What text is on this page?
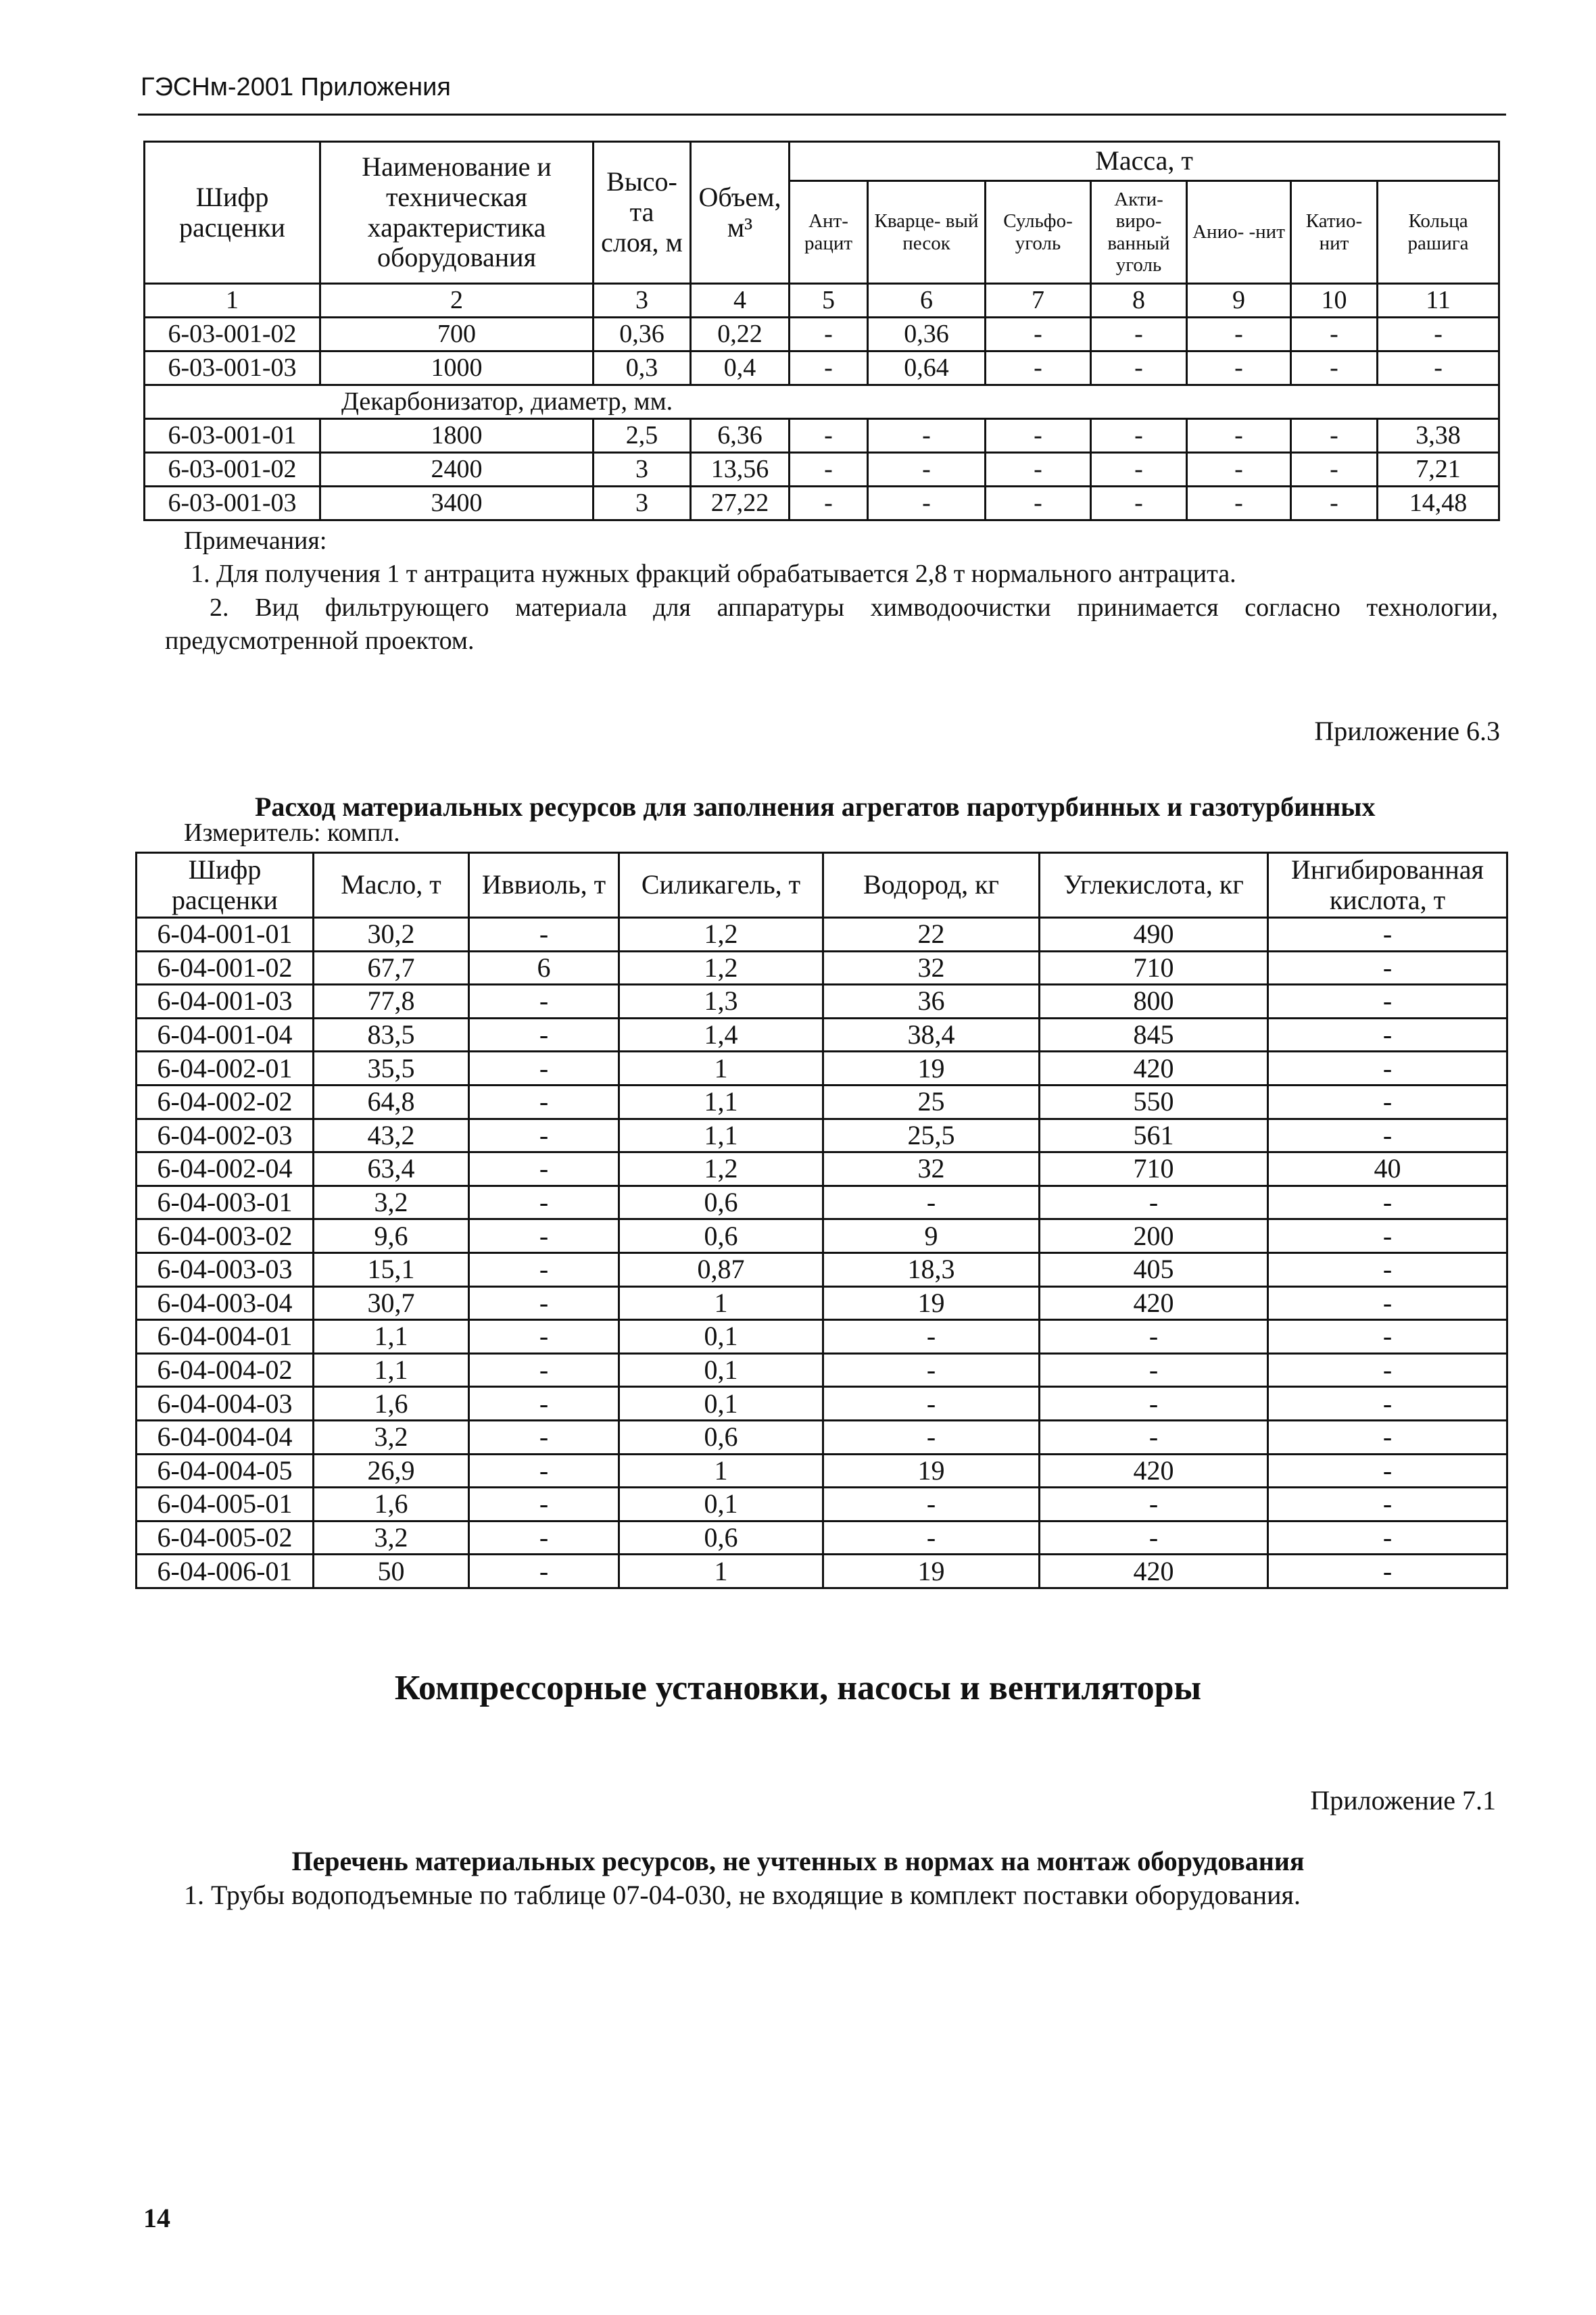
ГЭСНм-2001 Приложения
Шифр расценки	Наименование и техническая характеристика оборудования	Высо- та слоя, м	Объем, м³	Масса, т						
				Ант- рацит	Кварце- вый песок	Сульфо- уголь	Акти- виро- ванный уголь	Анио- -нит	Катио- нит	Кольца рашига
1	2	3	4	5	6	7	8	9	10	11
6-03-001-02	700	0,36	0,22	-	0,36	-	-	-	-	-
6-03-001-03	1000	0,3	0,4	-	0,64	-	-	-	-	-
Декарбонизатор, диаметр, мм.										
6-03-001-01	1800	2,5	6,36	-	-	-	-	-	-	3,38
6-03-001-02	2400	3	13,56	-	-	-	-	-	-	7,21
6-03-001-03	3400	3	27,22	-	-	-	-	-	-	14,48

Примечания:

1. Для получения 1 т антрацита нужных фракций обрабатывается 2,8 т нормального антрацита.

2. Вид фильтрующего материала для аппаратуры химводоочистки принимается согласно технологии, предусмотренной проектом.

Приложение 6.3
Расход материальных ресурсов для заполнения агрегатов паротурбинных и газотурбинных
Измеритель: компл.
Шифр расценки	Масло, т	Иввиоль, т	Силикагель, т	Водород, кг	Углекислота, кг	Ингибированная кислота, т
6-04-001-01	30,2	-	1,2	22	490	-
6-04-001-02	67,7	6	1,2	32	710	-
6-04-001-03	77,8	-	1,3	36	800	-
6-04-001-04	83,5	-	1,4	38,4	845	-
6-04-002-01	35,5	-	1	19	420	-
6-04-002-02	64,8	-	1,1	25	550	-
6-04-002-03	43,2	-	1,1	25,5	561	-
6-04-002-04	63,4	-	1,2	32	710	40
6-04-003-01	3,2	-	0,6	-	-	-
6-04-003-02	9,6	-	0,6	9	200	-
6-04-003-03	15,1	-	0,87	18,3	405	-
6-04-003-04	30,7	-	1	19	420	-
6-04-004-01	1,1	-	0,1	-	-	-
6-04-004-02	1,1	-	0,1	-	-	-
6-04-004-03	1,6	-	0,1	-	-	-
6-04-004-04	3,2	-	0,6	-	-	-
6-04-004-05	26,9	-	1	19	420	-
6-04-005-01	1,6	-	0,1	-	-	-
6-04-005-02	3,2	-	0,6	-	-	-
6-04-006-01	50	-	1	19	420	-
Компрессорные установки, насосы и вентиляторы
Приложение 7.1
Перечень материальных ресурсов, не учтенных в нормах на монтаж оборудования
1. Трубы водоподъемные по таблице 07-04-030, не входящие в комплект поставки оборудования.
14
